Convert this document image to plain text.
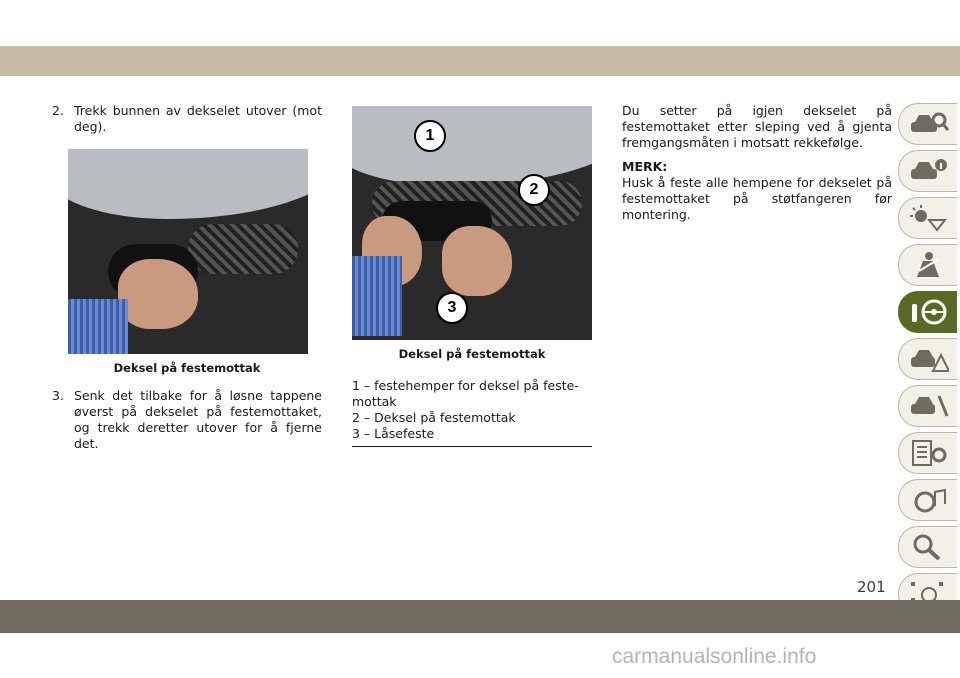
2. Trekk bunnen av dekselet utover (mot deg).
Deksel på festemottak
3. Senk det tilbake for å løsne tappene øverst på dekselet på festemottaket, og trekk deretter utover for å fjerne det.
1
2
3
Deksel på festemottak
1 – festehemper for deksel på feste-mottak
2 – Deksel på festemottak
3 – Låsefeste

Du setter på igjen dekselet på festemottaket etter sleping ved å gjenta fremgangsmåten i motsatt rekkefølge.

MERK:

Husk å feste alle hempene for dekselet på festemottaket på støtfangeren før montering.

201
carmanualsonline.info
